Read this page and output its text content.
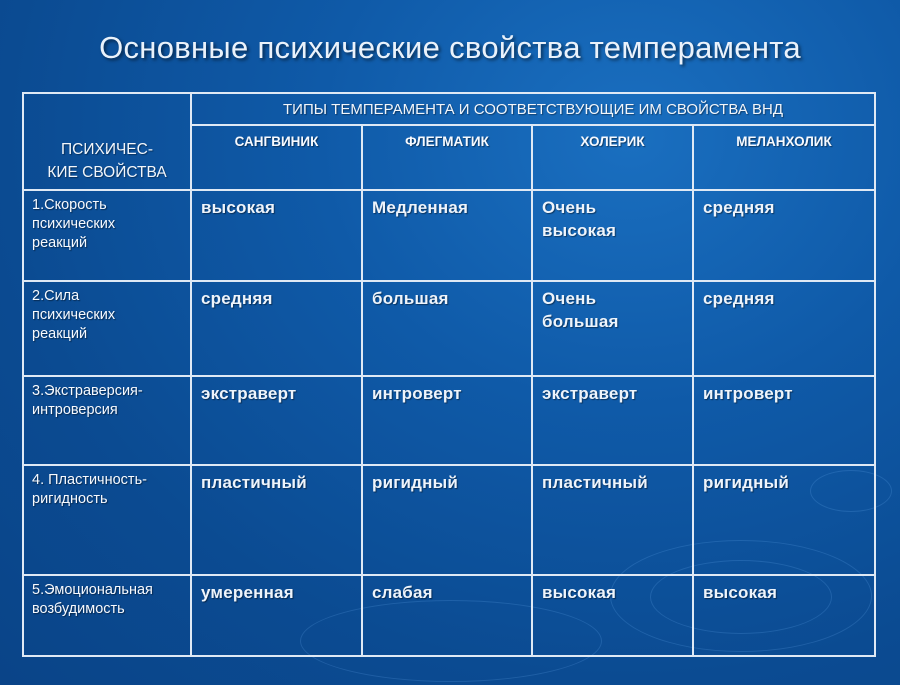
Основные психические свойства темперамента
ПСИХИЧЕС-
КИЕ СВОЙСТВА	ТИПЫ ТЕМПЕРАМЕНТА И СООТВЕТСТВУЮЩИЕ ИМ СВОЙСТВА ВНД			
	САНГВИНИК	ФЛЕГМАТИК	ХОЛЕРИК	МЕЛАНХОЛИК

1.Скорость
психических
реакций	высокая	Медленная	Очень
высокая	средняя

2.Сила
психических
реакций	средняя	большая	Очень
большая	средняя

3.Экстраверсия-
интроверсия	экстраверт	интроверт	экстраверт	интроверт

4. Пластичность-
ригидность	пластичный	ригидный	пластичный	ригидный

5.Эмоциональная
возбудимость	умеренная	слабая	высокая	высокая
